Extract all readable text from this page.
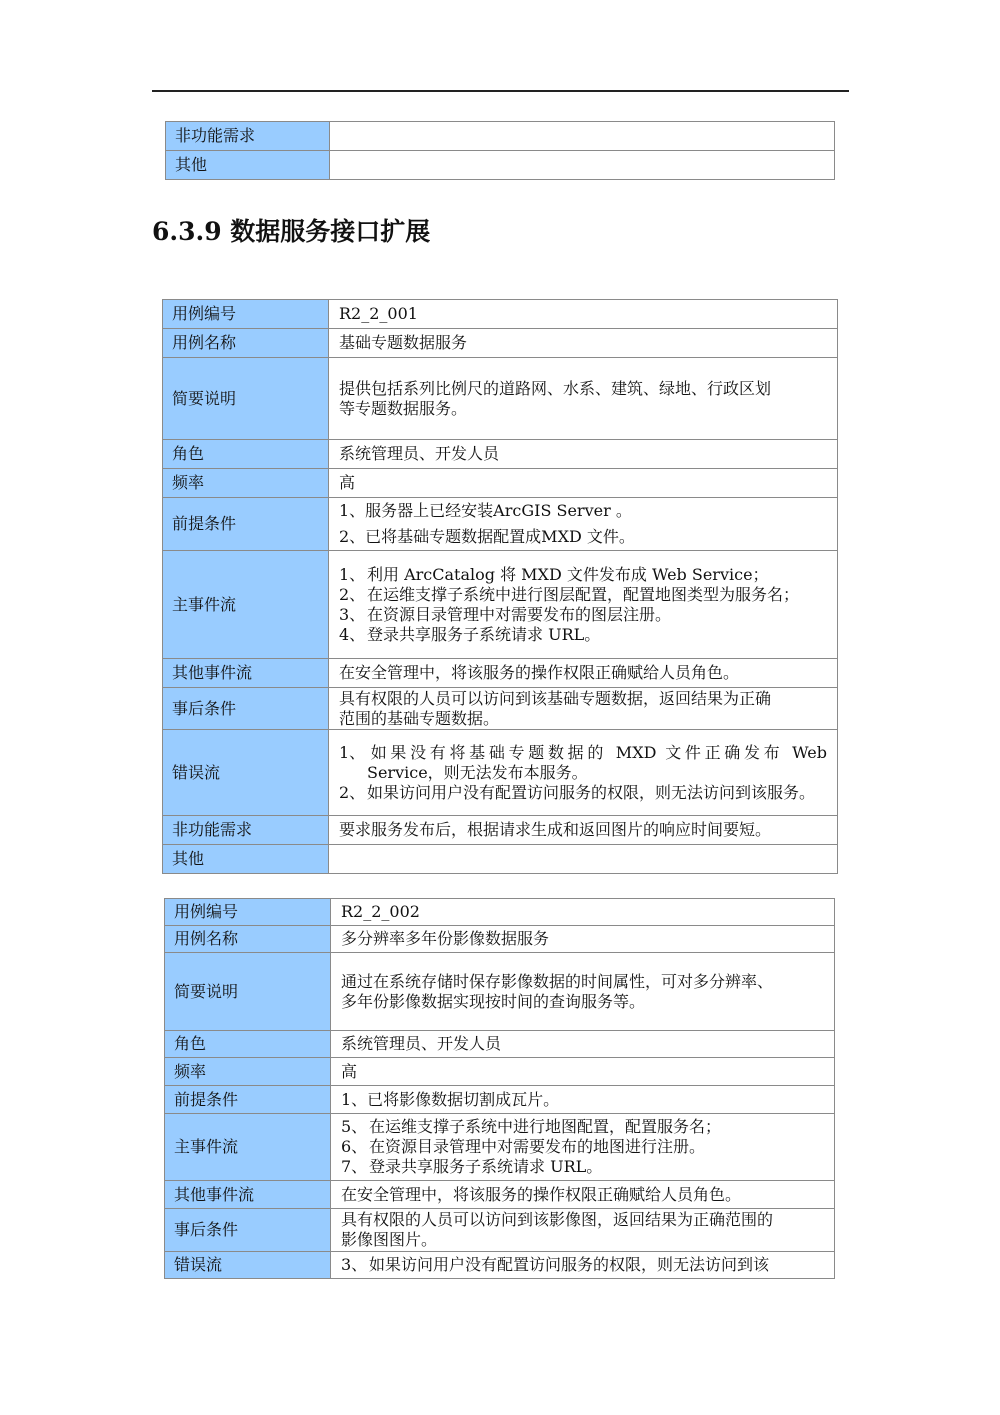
非功能需求	
其他	
6.3.9 数据服务接口扩展
用例编号	R2_2_001
用例名称	基础专题数据服务
简要说明	提供包括系列比例尺的道路网、水系、建筑、绿地、行政区划
等专题数据服务。

角色	系统管理员、开发人员
频率	高
前提条件	1、服务器上已经安装ArcGIS Server 。
2、已将基础专题数据配置成MXD 文件。

主事件流	1、 利用 ArcCatalog 将 MXD 文件发布成 Web Service；
2、 在运维支撑子系统中进行图层配置，配置地图类型为服务名；
3、 在资源目录管理中对需要发布的图层注册。
4、 登录共享服务子系统请求 URL。

其他事件流	在安全管理中，将该服务的操作权限正确赋给人员角色。
事后条件	具有权限的人员可以访问到该基础专题数据，返回结果为正确
范围的基础专题数据。

错误流	1、 如果没有将基础专题数据的 MXD 文件正确发布 Web Service，则无法发布本服务。
2、 如果访问用户没有配置访问服务的权限，则无法访问到该服务。

非功能需求	要求服务发布后，根据请求生成和返回图片的响应时间要短。
其他	
用例编号	R2_2_002
用例名称	多分辨率多年份影像数据服务
简要说明	通过在系统存储时保存影像数据的时间属性，可对多分辨率、
多年份影像数据实现按时间的查询服务等。

角色	系统管理员、开发人员
频率	高
前提条件	1、已将影像数据切割成瓦片。
主事件流	5、 在运维支撑子系统中进行地图配置，配置服务名；
6、 在资源目录管理中对需要发布的地图进行注册。
7、 登录共享服务子系统请求 URL。

其他事件流	在安全管理中，将该服务的操作权限正确赋给人员角色。
事后条件	具有权限的人员可以访问到该影像图，返回结果为正确范围的
影像图图片。

错误流	3、 如果访问用户没有配置访问服务的权限，则无法访问到该
